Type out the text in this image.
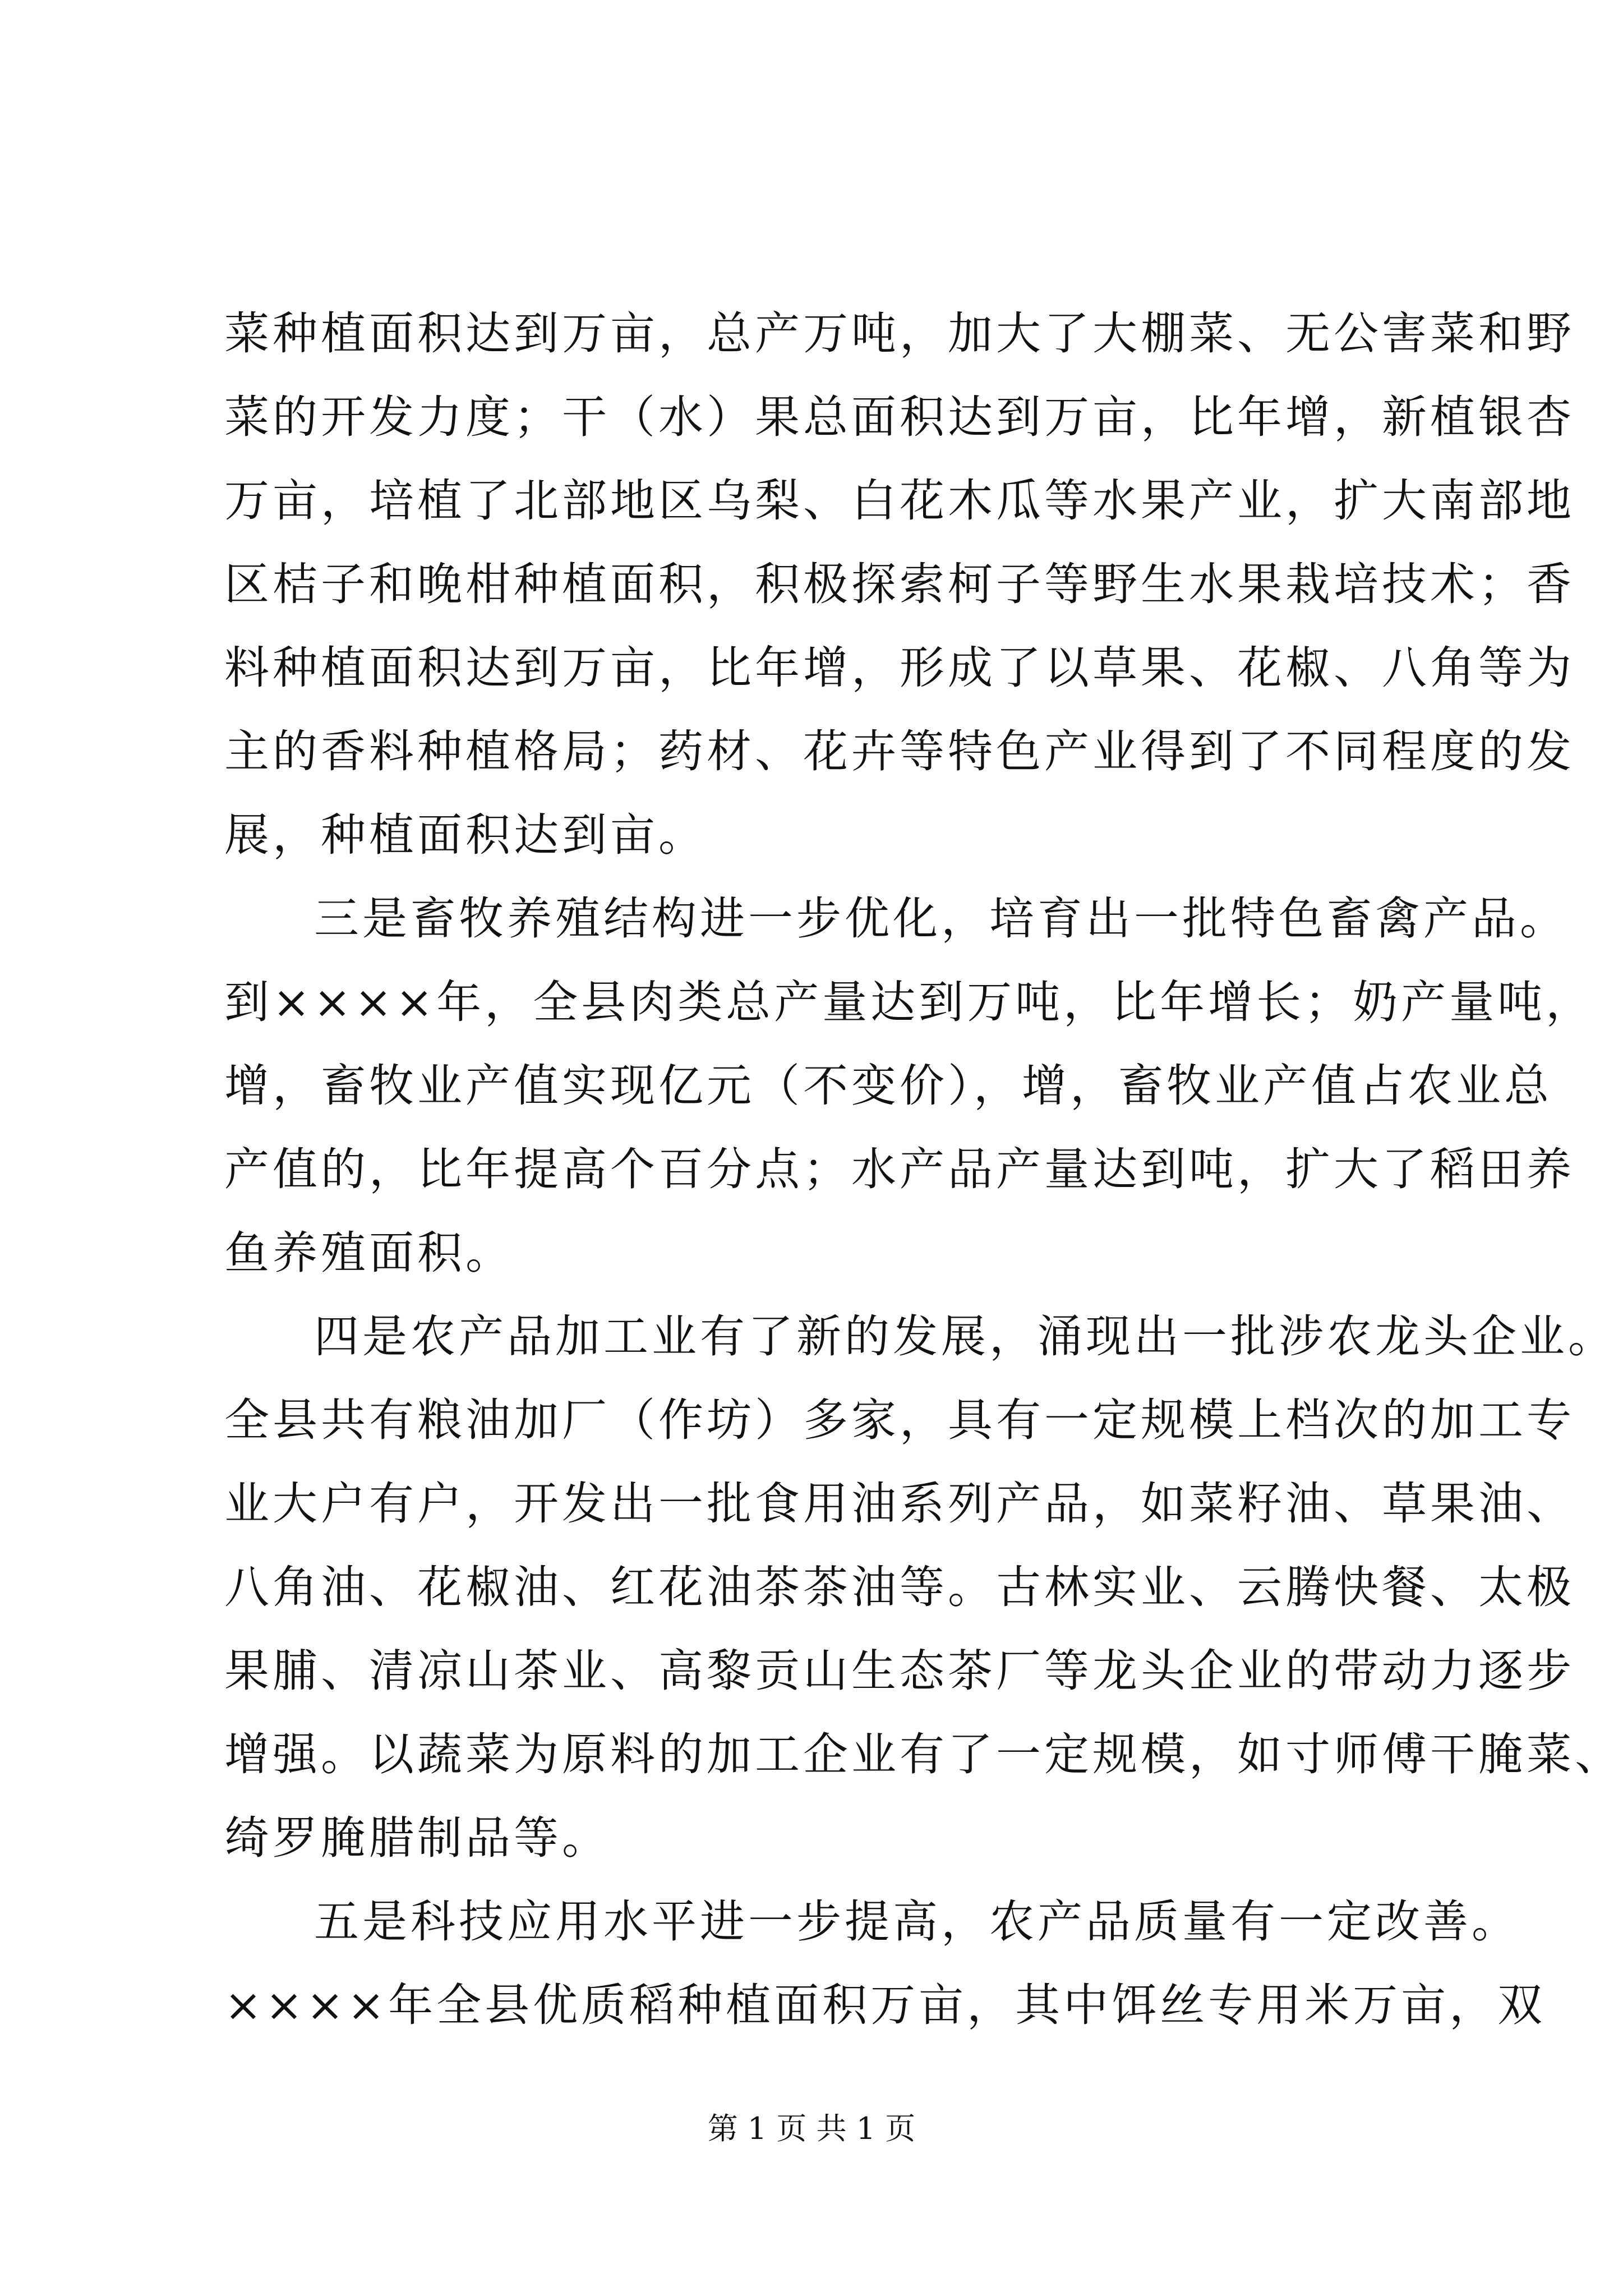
菜种植面积达到万亩，总产万吨，加大了大棚菜、无公害菜和野
菜的开发力度；干（水）果总面积达到万亩，比年增，新植银杏
万亩，培植了北部地区乌梨、白花木瓜等水果产业，扩大南部地
区桔子和晚柑种植面积，积极探索柯子等野生水果栽培技术；香
料种植面积达到万亩，比年增，形成了以草果、花椒、八角等为
主的香料种植格局；药材、花卉等特色产业得到了不同程度的发
展，种植面积达到亩。
三是畜牧养殖结构进一步优化，培育出一批特色畜禽产品。
到××××年，全县肉类总产量达到万吨，比年增长；奶产量吨，
增，畜牧业产值实现亿元（不变价），增，畜牧业产值占农业总
产值的，比年提高个百分点；水产品产量达到吨，扩大了稻田养
鱼养殖面积。
四是农产品加工业有了新的发展，涌现出一批涉农龙头企业。
全县共有粮油加厂（作坊）多家，具有一定规模上档次的加工专
业大户有户，开发出一批食用油系列产品，如菜籽油、草果油、
八角油、花椒油、红花油茶茶油等。古林实业、云腾快餐、太极
果脯、清凉山茶业、高黎贡山生态茶厂等龙头企业的带动力逐步
增强。以蔬菜为原料的加工企业有了一定规模，如寸师傅干腌菜、
绮罗腌腊制品等。
五是科技应用水平进一步提高，农产品质量有一定改善。
××××年全县优质稻种植面积万亩，其中饵丝专用米万亩，双
第 1 页 共 1 页
